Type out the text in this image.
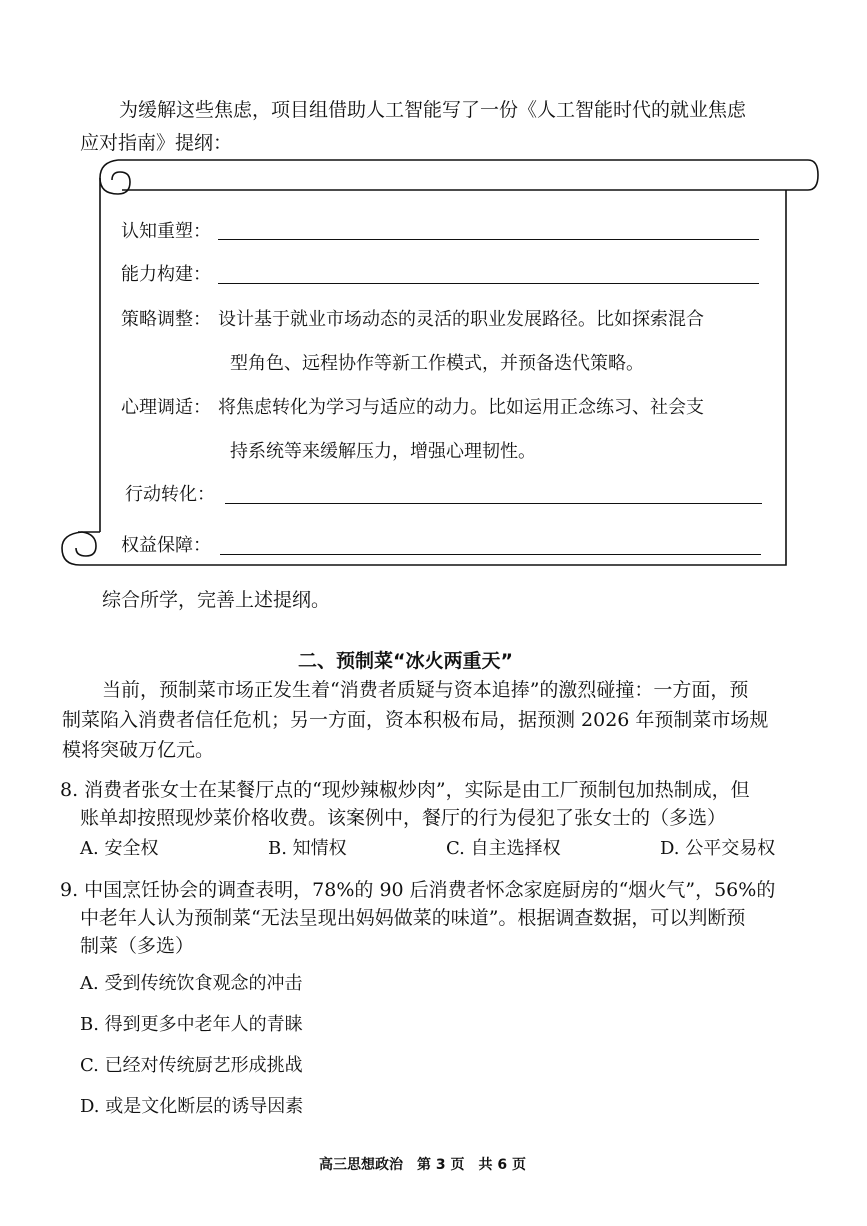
为缓解这些焦虑，项目组借助人工智能写了一份《人工智能时代的就业焦虑
应对指南》提纲：
认知重塑：
能力构建：
策略调整： 设计基于就业市场动态的灵活的职业发展路径。比如探索混合
型角色、远程协作等新工作模式，并预备迭代策略。
心理调适： 将焦虑转化为学习与适应的动力。比如运用正念练习、社会支
持系统等来缓解压力，增强心理韧性。
行动转化：
权益保障：
综合所学，完善上述提纲。
二、预制菜“冰火两重天”
当前，预制菜市场正发生着“消费者质疑与资本追捧”的激烈碰撞：一方面，预
制菜陷入消费者信任危机；另一方面，资本积极布局，据预测 2026 年预制菜市场规
模将突破万亿元。
8. 消费者张女士在某餐厅点的“现炒辣椒炒肉”，实际是由工厂预制包加热制成，但
账单却按照现炒菜价格收费。该案例中，餐厅的行为侵犯了张女士的（多选）
A. 安全权	B. 知情权	C. 自主选择权	D. 公平交易权
9. 中国烹饪协会的调查表明，78%的 90 后消费者怀念家庭厨房的“烟火气”，56%的
中老年人认为预制菜“无法呈现出妈妈做菜的味道”。根据调查数据，可以判断预
制菜（多选）
A. 受到传统饮食观念的冲击
B. 得到更多中老年人的青睐
C. 已经对传统厨艺形成挑战
D. 或是文化断层的诱导因素
高三思想政治　第 3 页　共 6 页
